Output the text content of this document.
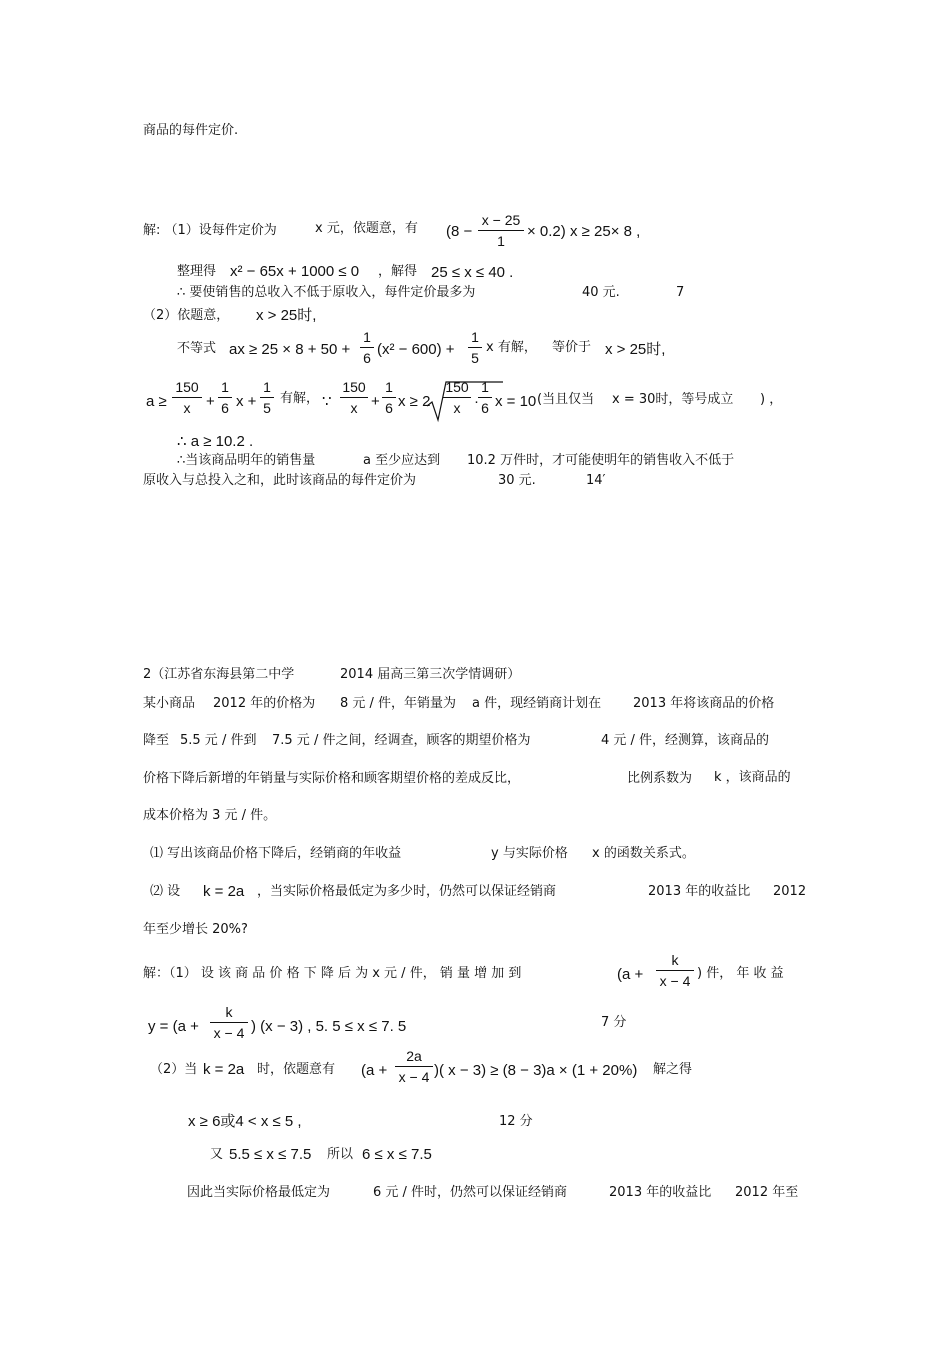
商品的每件定价.
解: （1）设每件定价为	x 元，依题意，有 (8 −
x − 25
1
× 0.2) x ≥ 25× 8 ,
整理得 x² − 65x + 1000 ≤ 0 ，解得 25 ≤ x ≤ 40 .
∴ 要使销售的总收入不低于原收入，每件定价最多为	40 元.	7
（2）依题意， x > 25时,
不等式 ax ≥ 25 × 8 + 50 +
1
6 (x² − 600) +
1
5
x 有解， 等价于 x > 25时,
a ≥
150
x	+
1
6 x +
1
5
有解， ∵
150
x +
1
6 x ≥ 2
150
x ·
1
6 x = 10 (当且仅当 x = 30时，等号成立 ) ，
∴ a ≥ 10.2 .
∴当该商品明年的销售量	a 至少应达到 10.2 万件时，才可能使明年的销售收入不低于
原收入与总投入之和，此时该商品的每件定价为	30 元.	14′
2（江苏省东海县第二中学	2014 届高三第三次学情调研）
某小商品 2012 年的价格为 8 元 / 件，年销量为 a 件，现经销商计划在 2013 年将该商品的价格
降至 5.5 元 / 件到 7.5 元 / 件之间，经调查，顾客的期望价格为	4 元 / 件，经测算，该商品的
价格下降后新增的年销量与实际价格和顾客期望价格的差成反比，	比例系数为 k ，该商品的
成本价格为 3 元 / 件。
⑴ 写出该商品价格下降后，经销商的年收益	y 与实际价格 x 的函数关系式。
⑵ 设 k = 2a ，当实际价格最低定为多少时，仍然可以保证经销商	2013 年的收益比 2012
年至少增长 20%?
解：（1） 设 该 商 品 价 格 下 降 后 为 x 元 / 件， 销 量 增 加 到	(a +
k
x − 4 ) 件， 年 收 益
y = (a +
k
x − 4 ) (x − 3) , 5. 5 ≤ x ≤ 7. 5	7 分
（2）当 k = 2a 时，依题意有 (a +
2a
x − 4 )( x − 3) ≥ (8 − 3)a × (1 + 20%) 解之得
x ≥ 6或4 < x ≤ 5 ,	12 分
又 5.5 ≤ x ≤ 7.5 所以 6 ≤ x ≤ 7.5
因此当实际价格最低定为	6 元 / 件时，仍然可以保证经销商	2013 年的收益比 2012 年至
